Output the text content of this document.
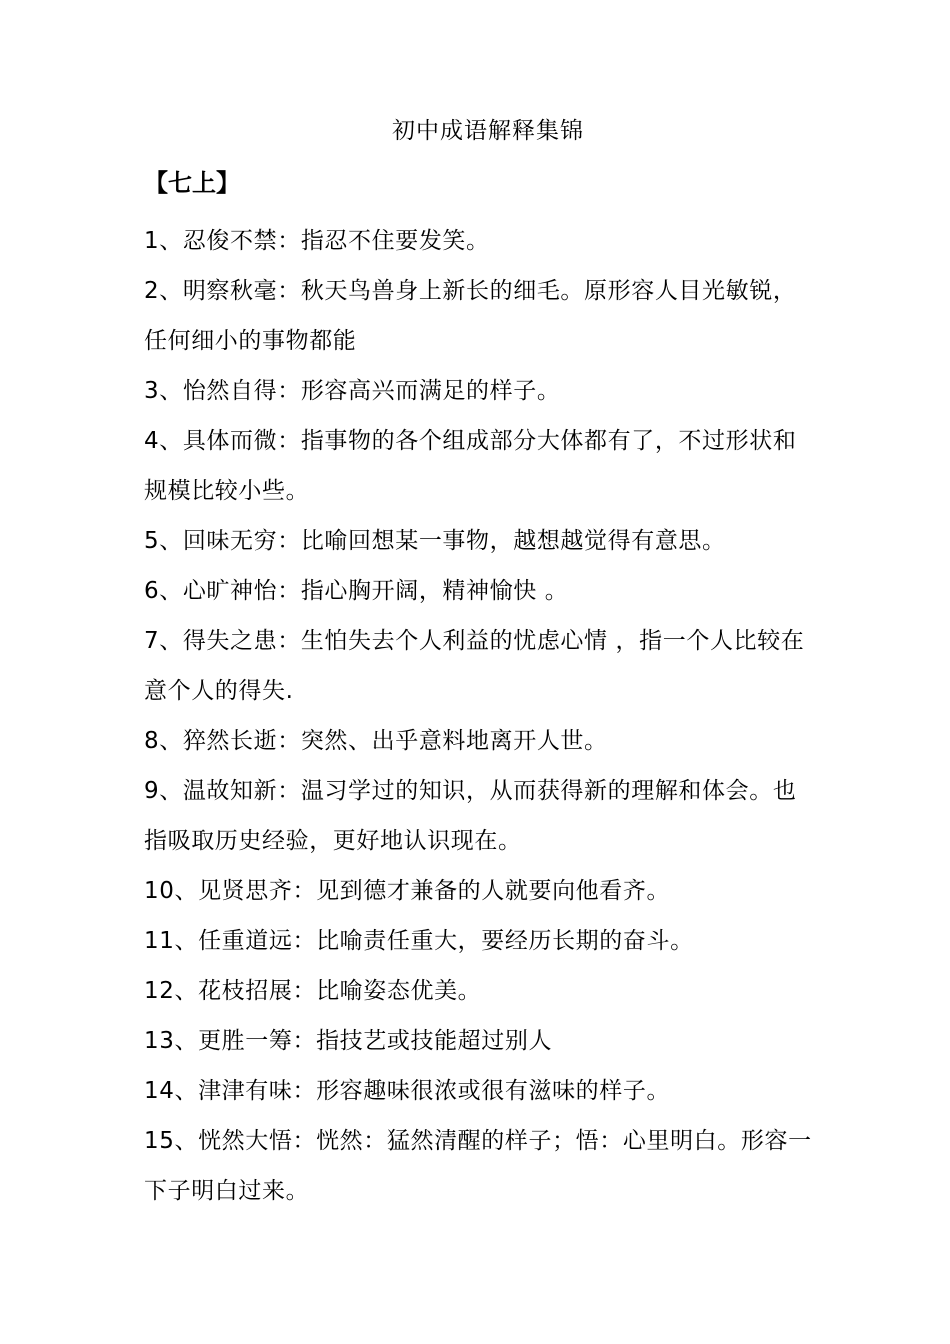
初中成语解释集锦
【七上】

1、忍俊不禁：指忍不住要发笑。

2、明察秋毫：秋天鸟兽身上新长的细毛。原形容人目光敏锐，任何细小的事物都能

3、怡然自得：形容高兴而满足的样子。

4、具体而微：指事物的各个组成部分大体都有了，不过形状和规模比较小些。

5、回味无穷：比喻回想某一事物，越想越觉得有意思。

6、心旷神怡：指心胸开阔，精神愉快 。

7、得失之患：生怕失去个人利益的忧虑心情 ，指一个人比较在意个人的得失.

8、猝然长逝：突然、出乎意料地离开人世。

9、温故知新：温习学过的知识，从而获得新的理解和体会。也指吸取历史经验，更好地认识现在。

10、见贤思齐：见到德才兼备的人就要向他看齐。

11、任重道远：比喻责任重大，要经历长期的奋斗。

12、花枝招展：比喻姿态优美。

13、更胜一筹：指技艺或技能超过别人

14、津津有味：形容趣味很浓或很有滋味的样子。

15、恍然大悟：恍然：猛然清醒的样子；悟：心里明白。形容一下子明白过来。
